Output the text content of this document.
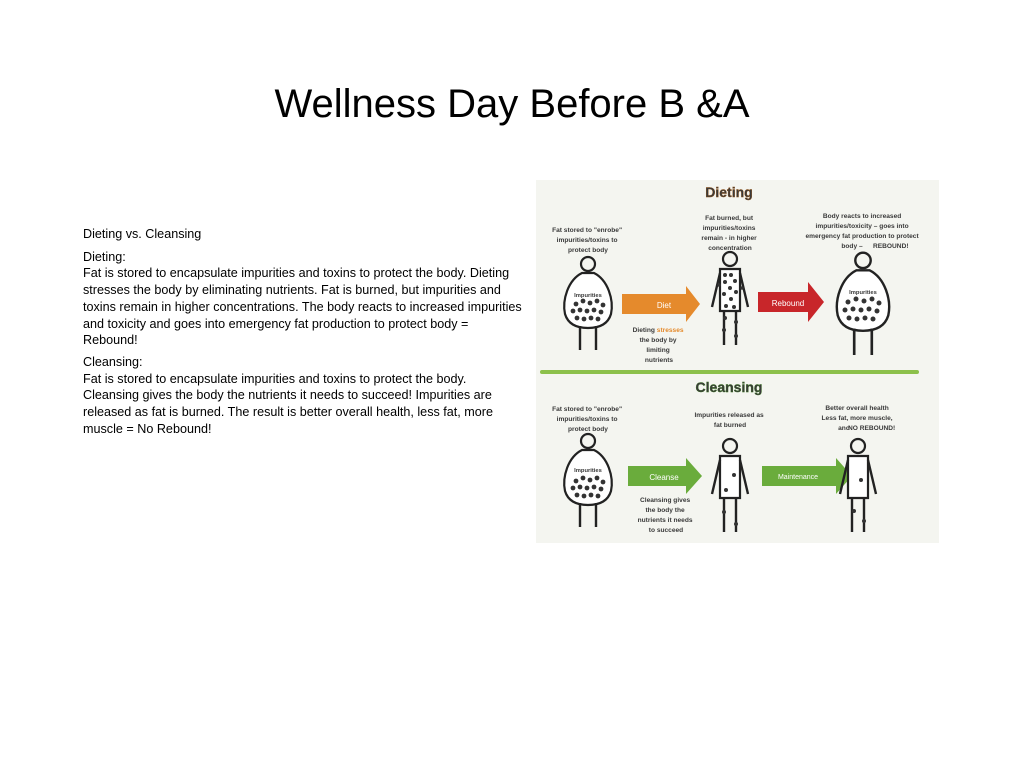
Wellness Day Before B &A

Dieting vs. Cleansing

Dieting:
Fat is stored to encapsulate impurities and toxins to protect the body. Dieting stresses the body by eliminating nutrients. Fat is burned, but impurities and toxins remain in higher concentrations. The body reacts to increased impurities and toxicity and goes into emergency fat production to protect body = Rebound!

Cleansing:
Fat is stored to encapsulate impurities and toxins to protect the body. Cleansing gives the body the nutrients it needs to succeed! Impurities are released as fat is burned. The result is better overall health, less fat, more muscle = No Rebound!

Dieting
Fat stored to "enrobe" impurities/toxins to protect body
Fat burned, but impurities/toxins remain - in higher concentration
Body reacts to increased impurities/toxicity – goes into emergency fat production to protect body –	REBOUND!
Impurities
Diet	Rebound
Impurities
Dieting stresses the body by limiting nutrients
Cleansing
Fat stored to "enrobe" impurities/toxins to protect body
Impurities released as fat burned
Better overall health Less fat, more muscle, and
NO REBOUND!
Impurities
Cleanse	Maintenance
Cleansing gives the body the nutrients it needs to succeed
